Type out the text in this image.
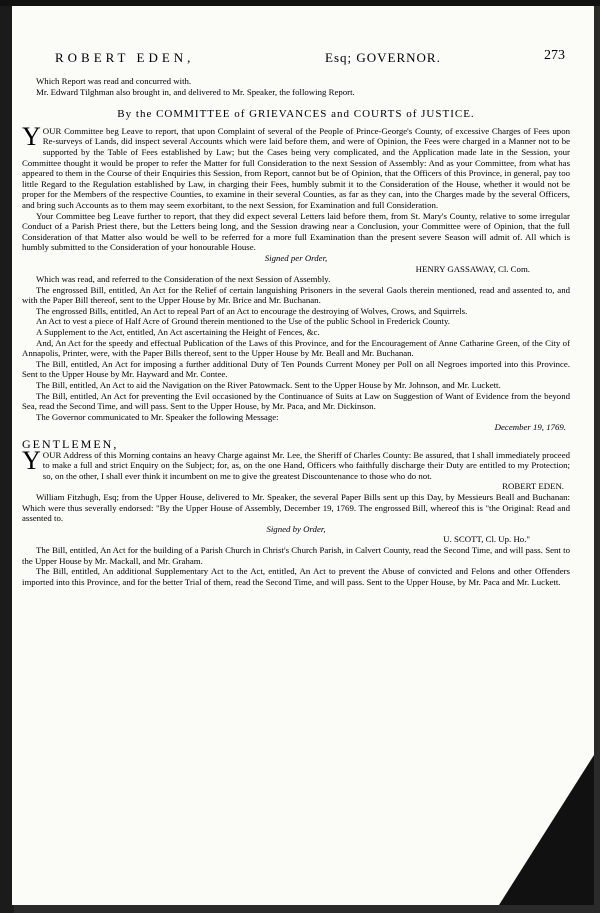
ROBERT EDEN,	Esq; GOVERNOR.	273

Which Report was read and concurred with.

Mr. Edward Tilghman also brought in, and delivered to Mr. Speaker, the following Report.

By the COMMITTEE of GRIEVANCES and COURTS of JUSTICE.

YOUR Committee beg Leave to report, that upon Complaint of several of the People of Prince-George's County, of excessive Charges of Fees upon Re-surveys of Lands, did inspect several Accounts which were laid before them, and were of Opinion, the Fees were charged in a Manner not to be supported by the Table of Fees established by Law; but the Cases being very complicated, and the Application made late in the Session, your Committee thought it would be proper to refer the Matter for full Consideration to the next Session of Assembly: And as your Committee, from what has appeared to them in the Course of their Enquiries this Session, from Report, cannot but be of Opinion, that the Officers of this Province, in general, pay too little Regard to the Regulation established by Law, in charging their Fees, humbly submit it to the Consideration of the House, whether it would not be proper for the Members of the respective Counties, to examine in their several Counties, as far as they can, into the Charges made by the several Officers, and bring such Accounts as to them may seem exorbitant, to the next Session, for Examination and full Consideration.

Your Committee beg Leave further to report, that they did expect several Letters laid before them, from St. Mary's County, relative to some irregular Conduct of a Parish Priest there, but the Letters being long, and the Session drawing near a Conclusion, your Committee were of Opinion, that the full Consideration of that Matter also would be well to be referred for a more full Examination than the present severe Season will admit of. All which is humbly submitted to the Consideration of your honourable House.

Signed per Order,

HENRY GASSAWAY, Cl. Com.

Which was read, and referred to the Consideration of the next Session of Assembly.

The engrossed Bill, entitled, An Act for the Relief of certain languishing Prisoners in the several Gaols therein mentioned, read and assented to, and with the Paper Bill thereof, sent to the Upper House by Mr. Brice and Mr. Buchanan.

The engrossed Bills, entitled, An Act to repeal Part of an Act to encourage the destroying of Wolves, Crows, and Squirrels.

An Act to vest a piece of Half Acre of Ground therein mentioned to the Use of the public School in Frederick County.

A Supplement to the Act, entitled, An Act ascertaining the Height of Fences, &c.

And, An Act for the speedy and effectual Publication of the Laws of this Province, and for the Encouragement of Anne Catharine Green, of the City of Annapolis, Printer, were, with the Paper Bills thereof, sent to the Upper House by Mr. Beall and Mr. Buchanan.

The Bill, entitled, An Act for imposing a further additional Duty of Ten Pounds Current Money per Poll on all Negroes imported into this Province. Sent to the Upper House by Mr. Hayward and Mr. Contee.

The Bill, entitled, An Act to aid the Navigation on the River Patowmack. Sent to the Upper House by Mr. Johnson, and Mr. Luckett.

The Bill, entitled, An Act for preventing the Evil occasioned by the Continuance of Suits at Law on Suggestion of Want of Evidence from the beyond Sea, read the Second Time, and will pass. Sent to the Upper House, by Mr. Paca, and Mr. Dickinson.

The Governor communicated to Mr. Speaker the following Message:

December 19, 1769.

GENTLEMEN,

YOUR Address of this Morning contains an heavy Charge against Mr. Lee, the Sheriff of Charles County: Be assured, that I shall immediately proceed to make a full and strict Enquiry on the Subject; for, as, on the one Hand, Officers who faithfully discharge their Duty are entitled to my Protection; so, on the other, I shall ever think it incumbent on me to give the greatest Discountenance to those who do not.

ROBERT EDEN.

William Fitzhugh, Esq; from the Upper House, delivered to Mr. Speaker, the several Paper Bills sent up this Day, by Messieurs Beall and Buchanan: Which were thus severally endorsed: "By the Upper House of Assembly, December 19, 1769. The engrossed Bill, whereof this is "the Original: Read and assented to.

Signed by Order,

U. SCOTT, Cl. Up. Ho."

The Bill, entitled, An Act for the building of a Parish Church in Christ's Church Parish, in Calvert County, read the Second Time, and will pass. Sent to the Upper House by Mr. Mackall, and Mr. Graham.

The Bill, entitled, An additional Supplementary Act to the Act, entitled, An Act to prevent the Abuse of convicted and Felons and other Offenders imported into this Province, and for the better Trial of them, read the Second Time, and will pass. Sent to the Upper House, by Mr. Paca and Mr. Luckett.
